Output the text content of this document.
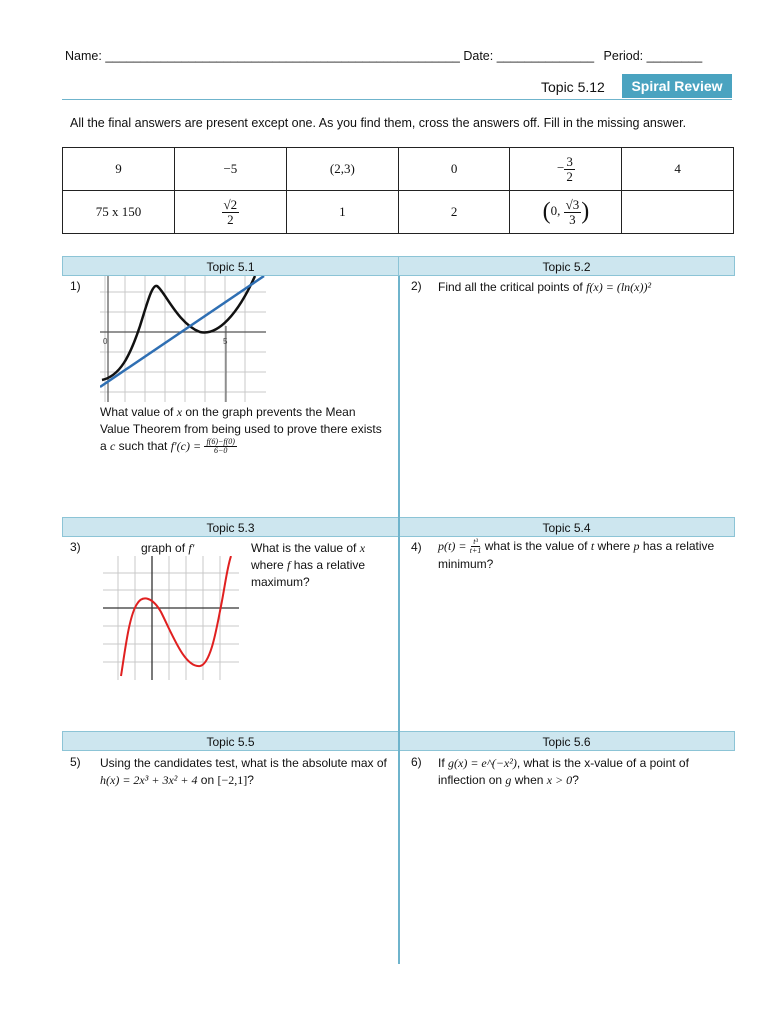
Name: ___________________________________________________ Date: ______________ Period: ________
Topic 5.12	Spiral Review
All the final answers are present except one. As you find them, cross the answers off. Fill in the missing answer.
9	−5	(2,3)	0	− $\frac{3}{2}$	4
75 x 150	$\frac{√2}{2}$	1	2	(0, $\frac{√3}{3}$ )	
Topic 5.1	Topic 5.2
Topic 5.3	Topic 5.4
Topic 5.5	Topic 5.6
1)
0	5
What value of x on the graph prevents the Mean Value Theorem from being used to prove there exists a c such that $f'(c) = \frac{f(6)-f(0)}{6-0}$
2) Find all the critical points of f(x) = (ln(x))²
3)	graph of f′	What is the value of x
where f has a relative maximum?
4) $p(t) = \frac{\text{t³}}{t+1}$ what is the value of t where p has a relative minimum?
5) Using the candidates test, what is the absolute max of h(x) = 2x³ + 3x² + 4 on [−2,1]?
6) If g(x) = e^(−x²), what is the x-value of a point of inflection on g when x > 0?
